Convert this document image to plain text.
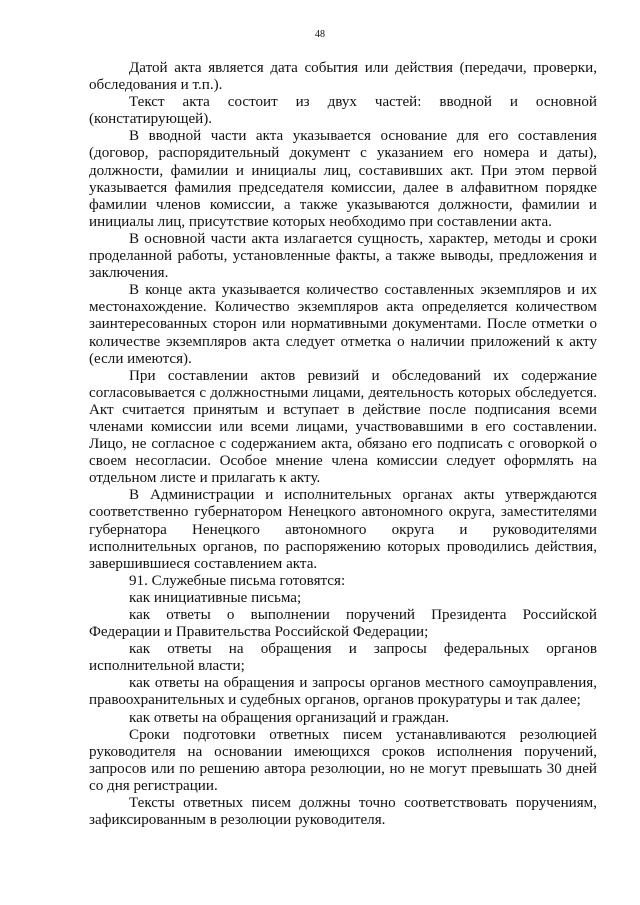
48

Датой акта является дата события или действия (передачи, проверки, обследования и т.п.).

Текст акта состоит из двух частей: вводной и основной (констатирующей).

В вводной части акта указывается основание для его составления (договор, распорядительный документ с указанием его номера и даты), должности, фамилии и инициалы лиц, составивших акт. При этом первой указывается фамилия председателя комиссии, далее в алфавитном порядке фамилии членов комиссии, а также указываются должности, фамилии и инициалы лиц, присутствие которых необходимо при составлении акта.

В основной части акта излагается сущность, характер, методы и сроки проделанной работы, установленные факты, а также выводы, предложения и заключения.

В конце акта указывается количество составленных экземпляров и их местонахождение. Количество экземпляров акта определяется количеством заинтересованных сторон или нормативными документами. После отметки о количестве экземпляров акта следует отметка о наличии приложений к акту (если имеются).

При составлении актов ревизий и обследований их содержание согласовывается с должностными лицами, деятельность которых обследуется. Акт считается принятым и вступает в действие после подписания всеми членами комиссии или всеми лицами, участвовавшими в его составлении. Лицо, не согласное с содержанием акта, обязано его подписать с оговоркой о своем несогласии. Особое мнение члена комиссии следует оформлять на отдельном листе и прилагать к акту.

В Администрации и исполнительных органах акты утверждаются соответственно губернатором Ненецкого автономного округа, заместителями губернатора Ненецкого автономного округа и руководителями исполнительных органов, по распоряжению которых проводились действия, завершившиеся составлением акта.

91. Служебные письма готовятся:

как инициативные письма;

как ответы о выполнении поручений Президента Российской Федерации и Правительства Российской Федерации;

как ответы на обращения и запросы федеральных органов исполнительной власти;

как ответы на обращения и запросы органов местного самоуправления, правоохранительных и судебных органов, органов прокуратуры и так далее;

как ответы на обращения организаций и граждан.

Сроки подготовки ответных писем устанавливаются резолюцией руководителя на основании имеющихся сроков исполнения поручений, запросов или по решению автора резолюции, но не могут превышать 30 дней со дня регистрации.

Тексты ответных писем должны точно соответствовать поручениям, зафиксированным в резолюции руководителя.
